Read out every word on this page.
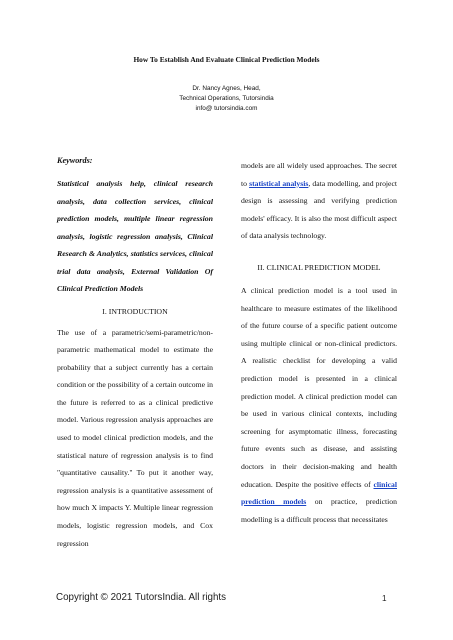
How To Establish And Evaluate Clinical Prediction Models
Dr. Nancy Agnes, Head,
Technical Operations, Tutorsindia
info@ tutorsindia.com
Keywords:
Statistical analysis help, clinical research analysis, data collection services, clinical prediction models, multiple linear regression analysis, logistic regression analysis, Clinical Research & Analytics, statistics services, clinical trial data analysis, External Validation Of Clinical Prediction Models
I. INTRODUCTION

The use of a parametric/semi-parametric/non-parametric mathematical model to estimate the probability that a subject currently has a certain condition or the possibility of a certain outcome in the future is referred to as a clinical predictive model. Various regression analysis approaches are used to model clinical prediction models, and the statistical nature of regression analysis is to find "quantitative causality." To put it another way, regression analysis is a quantitative assessment of how much X impacts Y. Multiple linear regression models, logistic regression models, and Cox regression

models are all widely used approaches. The secret to statistical analysis, data modelling, and project design is assessing and verifying prediction models' efficacy. It is also the most difficult aspect of data analysis technology.

II. CLINICAL PREDICTION MODEL

A clinical prediction model is a tool used in healthcare to measure estimates of the likelihood of the future course of a specific patient outcome using multiple clinical or non-clinical predictors. A realistic checklist for developing a valid prediction model is presented in a clinical prediction model. A clinical prediction model can be used in various clinical contexts, including screening for asymptomatic illness, forecasting future events such as disease, and assisting doctors in their decision-making and health education. Despite the positive effects of clinical prediction models on practice, prediction modelling is a difficult process that necessitates

Copyright © 2021 TutorsIndia. All rights	1
